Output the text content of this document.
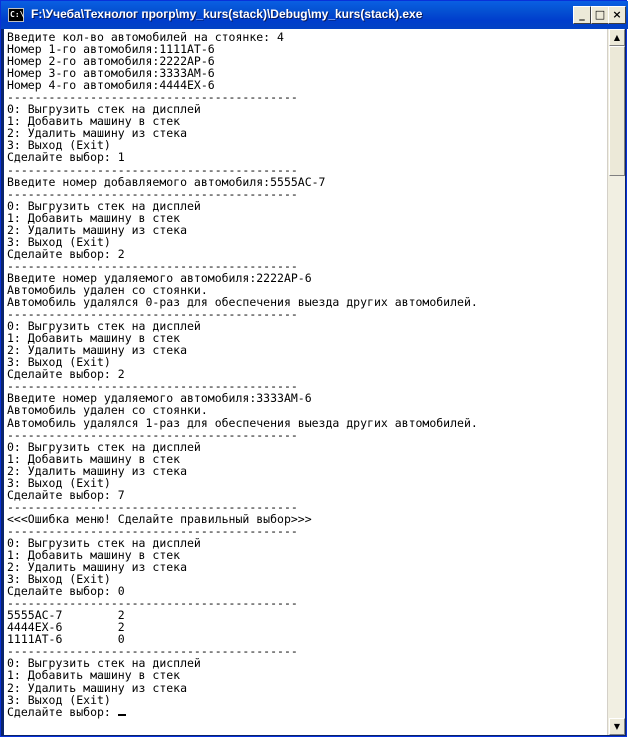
C:\ F:\Учеба\Технолог прогр\my_kurs(stack)\Debug\my_kurs(stack).exe	_ □ ×
Введите кол-во автомобилей на стоянке: 4
Номер 1-го автомобиля:1111АТ-6
Номер 2-го автомобиля:2222АР-6
Номер 3-го автомобиля:3333АМ-6
Номер 4-го автомобиля:4444ЕХ-6
------------------------------------------
0: Выгрузить стек на дисплей
1: Добавить машину в стек
2: Удалить машину из стека
3: Выход (Exit)
Сделайте выбор: 1
------------------------------------------
Введите номер добавляемого автомобиля:5555АС-7
------------------------------------------
0: Выгрузить стек на дисплей
1: Добавить машину в стек
2: Удалить машину из стека
3: Выход (Exit)
Сделайте выбор: 2
------------------------------------------
Введите номер удаляемого автомобиля:2222АР-6
Автомобиль удален со стоянки.
Автомобиль удалялся 0-раз для обеспечения выезда других автомобилей.
------------------------------------------
0: Выгрузить стек на дисплей
1: Добавить машину в стек
2: Удалить машину из стека
3: Выход (Exit)
Сделайте выбор: 2
------------------------------------------
Введите номер удаляемого автомобиля:3333АМ-6
Автомобиль удален со стоянки.
Автомобиль удалялся 1-раз для обеспечения выезда других автомобилей.
------------------------------------------
0: Выгрузить стек на дисплей
1: Добавить машину в стек
2: Удалить машину из стека
3: Выход (Exit)
Сделайте выбор: 7
------------------------------------------
<<<Ошибка меню! Сделайте правильный выбор>>>
------------------------------------------
0: Выгрузить стек на дисплей
1: Добавить машину в стек
2: Удалить машину из стека
3: Выход (Exit)
Сделайте выбор: 0
------------------------------------------
5555АС-7        2
4444ЕХ-6        2
1111АТ-6        0
------------------------------------------
0: Выгрузить стек на дисплей
1: Добавить машину в стек
2: Удалить машину из стека
3: Выход (Exit)
Сделайте выбор:
▲
▼
